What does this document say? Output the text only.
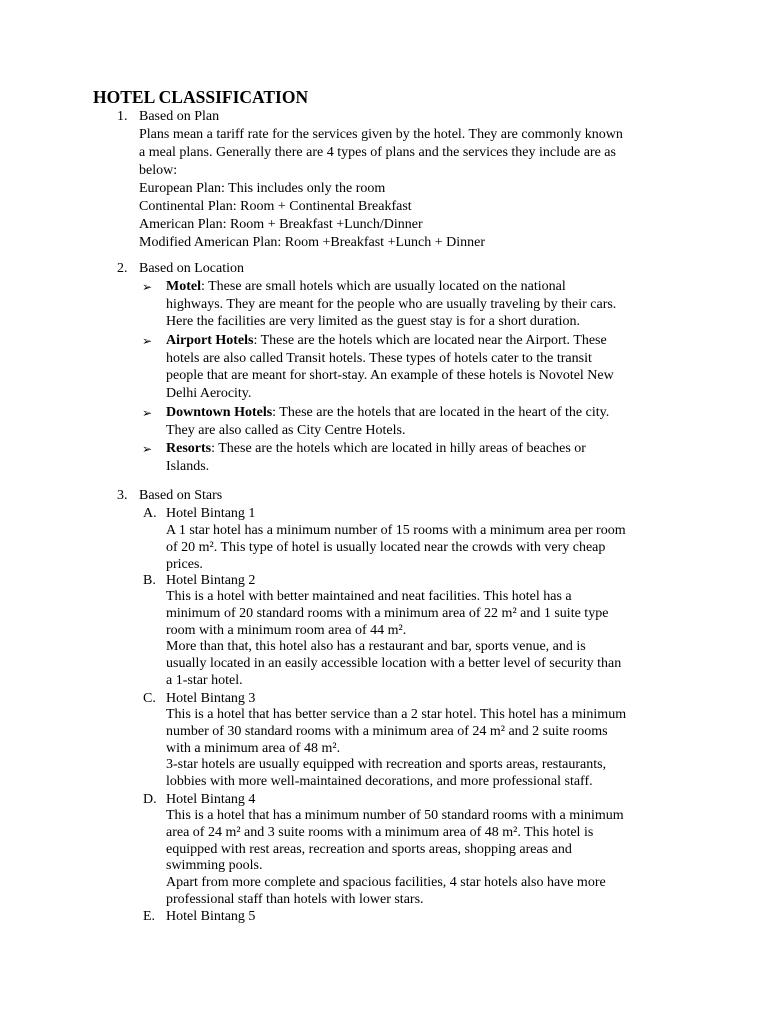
HOTEL CLASSIFICATION
1. Based on Plan
Plans mean a tariff rate for the services given by the hotel. They are commonly known
a meal plans. Generally there are 4 types of plans and the services they include are as
below:
European Plan: This includes only the room
Continental Plan: Room + Continental Breakfast
American Plan: Room + Breakfast +Lunch/Dinner
Modified American Plan: Room +Breakfast +Lunch + Dinner
2. Based on Location
➢ Motel: These are small hotels which are usually located on the national
highways. They are meant for the people who are usually traveling by their cars.
Here the facilities are very limited as the guest stay is for a short duration.
➢ Airport Hotels: These are the hotels which are located near the Airport. These
hotels are also called Transit hotels. These types of hotels cater to the transit
people that are meant for short-stay. An example of these hotels is Novotel New
Delhi Aerocity.
➢ Downtown Hotels: These are the hotels that are located in the heart of the city.
They are also called as City Centre Hotels.
➢ Resorts: These are the hotels which are located in hilly areas of beaches or
Islands.
3. Based on Stars
A. Hotel Bintang 1
A 1 star hotel has a minimum number of 15 rooms with a minimum area per room
of 20 m². This type of hotel is usually located near the crowds with very cheap
prices.
B. Hotel Bintang 2
This is a hotel with better maintained and neat facilities. This hotel has a
minimum of 20 standard rooms with a minimum area of 22 m² and 1 suite type
room with a minimum room area of 44 m².
More than that, this hotel also has a restaurant and bar, sports venue, and is
usually located in an easily accessible location with a better level of security than
a 1-star hotel.
C. Hotel Bintang 3
This is a hotel that has better service than a 2 star hotel. This hotel has a minimum
number of 30 standard rooms with a minimum area of 24 m² and 2 suite rooms
with a minimum area of 48 m².
3-star hotels are usually equipped with recreation and sports areas, restaurants,
lobbies with more well-maintained decorations, and more professional staff.
D. Hotel Bintang 4
This is a hotel that has a minimum number of 50 standard rooms with a minimum
area of 24 m² and 3 suite rooms with a minimum area of 48 m². This hotel is
equipped with rest areas, recreation and sports areas, shopping areas and
swimming pools.
Apart from more complete and spacious facilities, 4 star hotels also have more
professional staff than hotels with lower stars.
E. Hotel Bintang 5
